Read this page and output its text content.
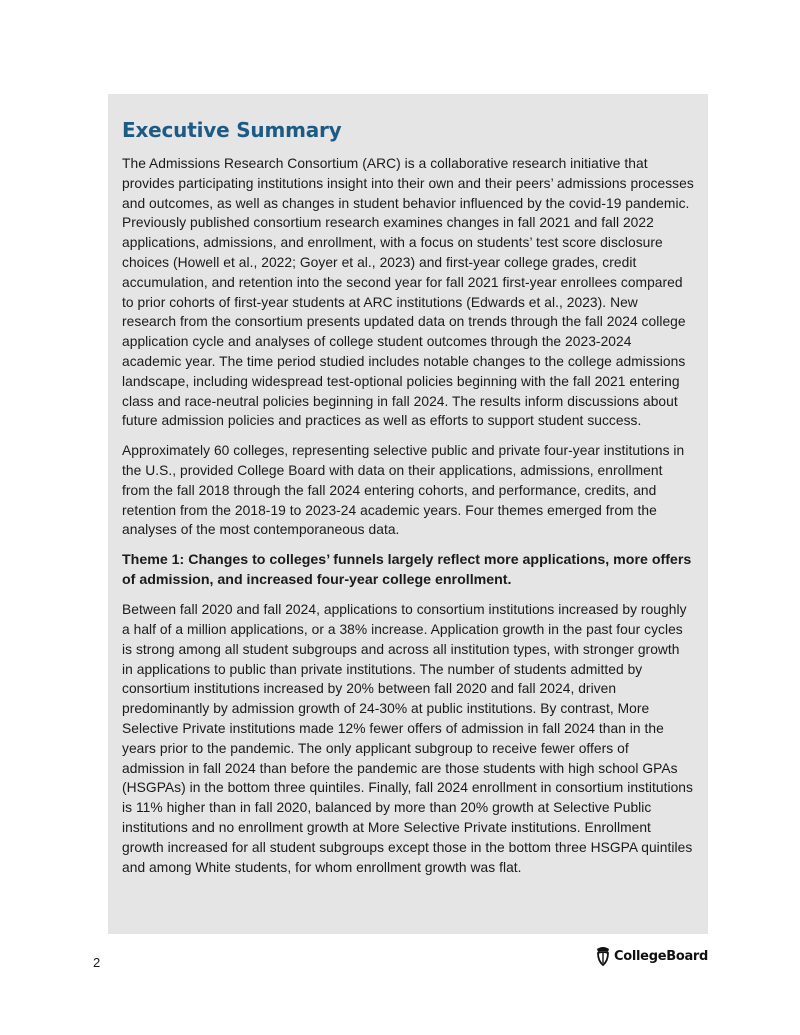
Executive Summary

The Admissions Research Consortium (ARC) is a collaborative research initiative that provides participating institutions insight into their own and their peers’ admissions processes and outcomes, as well as changes in student behavior influenced by the covid-19 pandemic. Previously published consortium research examines changes in fall 2021 and fall 2022 applications, admissions, and enrollment, with a focus on students’ test score disclosure choices (Howell et al., 2022; Goyer et al., 2023) and first-year college grades, credit accumulation, and retention into the second year for fall 2021 first-year enrollees compared to prior cohorts of first-year students at ARC institutions (Edwards et al., 2023). New research from the consortium presents updated data on trends through the fall 2024 college application cycle and analyses of college student outcomes through the 2023-2024 academic year. The time period studied includes notable changes to the college admissions landscape, including widespread test-optional policies beginning with the fall 2021 entering class and race-neutral policies beginning in fall 2024. The results inform discussions about future admission policies and practices as well as efforts to support student success.

Approximately 60 colleges, representing selective public and private four-year institutions in the U.S., provided College Board with data on their applications, admissions, enrollment from the fall 2018 through the fall 2024 entering cohorts, and performance, credits, and retention from the 2018-19 to 2023-24 academic years. Four themes emerged from the analyses of the most contemporaneous data.

Theme 1: Changes to colleges’ funnels largely reflect more applications, more offers of admission, and increased four-year college enrollment.

Between fall 2020 and fall 2024, applications to consortium institutions increased by roughly a half of a million applications, or a 38% increase. Application growth in the past four cycles is strong among all student subgroups and across all institution types, with stronger growth in applications to public than private institutions. The number of students admitted by consortium institutions increased by 20% between fall 2020 and fall 2024, driven predominantly by admission growth of 24-30% at public institutions. By contrast, More Selective Private institutions made 12% fewer offers of admission in fall 2024 than in the years prior to the pandemic. The only applicant subgroup to receive fewer offers of admission in fall 2024 than before the pandemic are those students with high school GPAs (HSGPAs) in the bottom three quintiles. Finally, fall 2024 enrollment in consortium institutions is 11% higher than in fall 2020, balanced by more than 20% growth at Selective Public institutions and no enrollment growth at More Selective Private institutions. Enrollment growth increased for all student subgroups except those in the bottom three HSGPA quintiles and among White students, for whom enrollment growth was flat.

2	CollegeBoard
